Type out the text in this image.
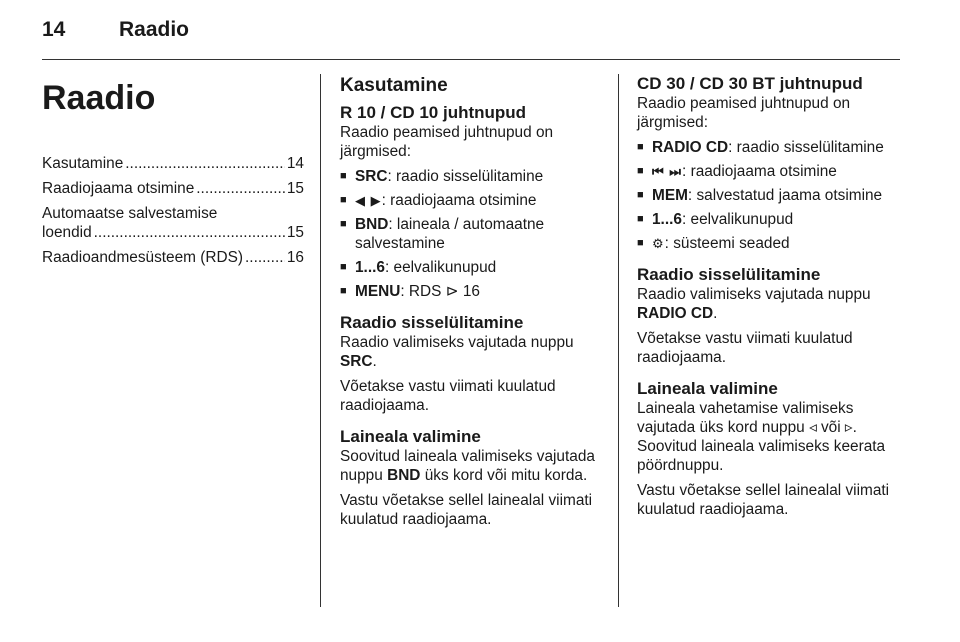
14	Raadio
Raadio
Kasutamine .....	14
Raadiojaama otsimine .....	15
Automaatse salvestamise
loendid .....	15
Raadioandmesüsteem (RDS) .....	16
Kasutamine
R 10 / CD 10 juhtnupud

Raadio peamised juhtnupud on järgmised:

■ SRC: raadio sisselülitamine
■ ◀ ▶: raadiojaama otsimine
■ BND: laineala / automaatne salvestamine
■ 1...6: eelvalikunupud
■ MENU: RDS ⊳ 16
Raadio sisselülitamine

Raadio valimiseks vajutada nuppu SRC.

Võetakse vastu viimati kuulatud raadiojaama.

Laineala valimine

Soovitud laineala valimiseks vajutada nuppu BND üks kord või mitu korda.

Vastu võetakse sellel lainealal viimati kuulatud raadiojaama.

CD 30 / CD 30 BT juhtnupud

Raadio peamised juhtnupud on järgmised:

■ RADIO CD: raadio sisselülitamine
■ ⏮ ⏭: raadiojaama otsimine
■ MEM: salvestatud jaama otsimine
■ 1...6: eelvalikunupud
■ ⚙: süsteemi seaded
Raadio sisselülitamine

Raadio valimiseks vajutada nuppu RADIO CD.

Võetakse vastu viimati kuulatud raadiojaama.

Laineala valimine

Laineala vahetamise valimiseks vajutada üks kord nuppu ◃ või ▹. Soovitud laineala valimiseks keerata pöördnuppu.

Vastu võetakse sellel lainealal viimati kuulatud raadiojaama.
